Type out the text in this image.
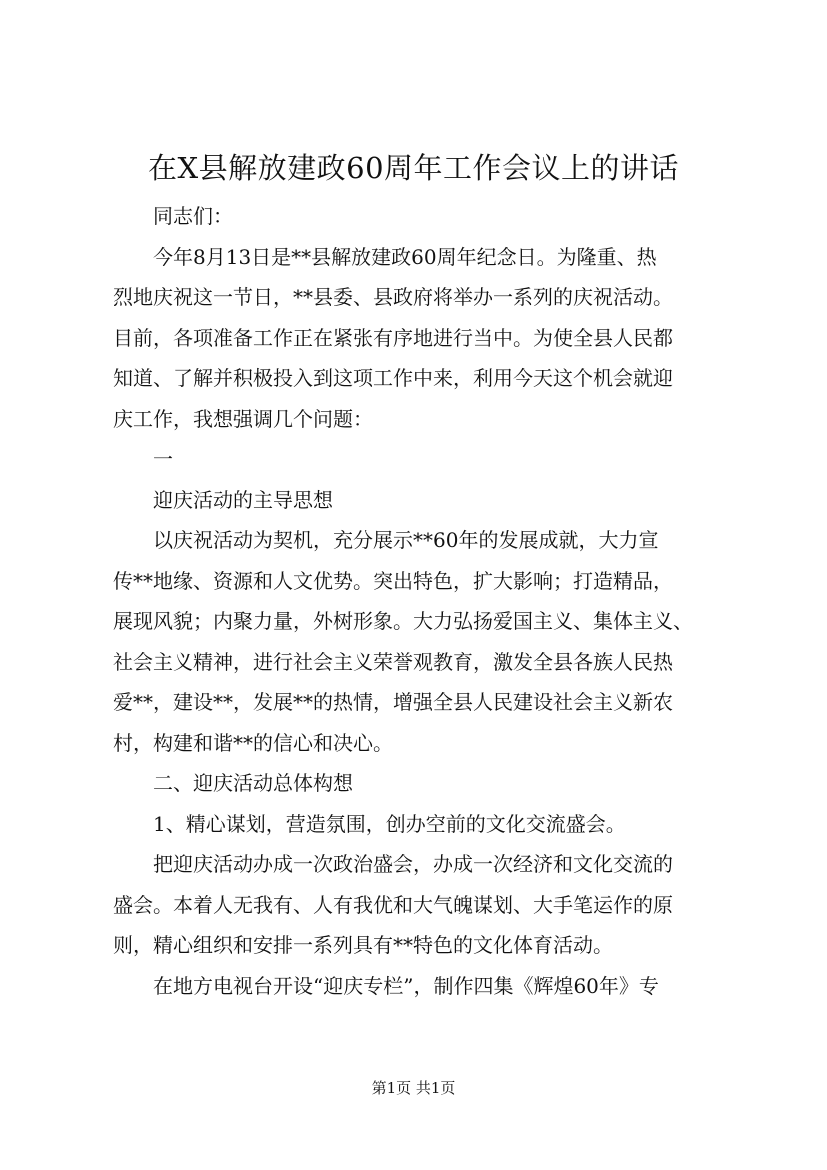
在X县解放建政60周年工作会议上的讲话
同志们：
今年8月13日是**县解放建政60周年纪念日。为隆重、热
烈地庆祝这一节日，**县委、县政府将举办一系列的庆祝活动。
目前，各项准备工作正在紧张有序地进行当中。为使全县人民都
知道、了解并积极投入到这项工作中来，利用今天这个机会就迎
庆工作，我想强调几个问题：
一
迎庆活动的主导思想
以庆祝活动为契机，充分展示**60年的发展成就，大力宣
传**地缘、资源和人文优势。突出特色，扩大影响；打造精品，
展现风貌；内聚力量，外树形象。大力弘扬爱国主义、集体主义、
社会主义精神，进行社会主义荣誉观教育，激发全县各族人民热
爱**，建设**，发展**的热情，增强全县人民建设社会主义新农
村，构建和谐**的信心和决心。
二、迎庆活动总体构想
1、精心谋划，营造氛围，创办空前的文化交流盛会。
把迎庆活动办成一次政治盛会，办成一次经济和文化交流的
盛会。本着人无我有、人有我优和大气魄谋划、大手笔运作的原
则，精心组织和安排一系列具有**特色的文化体育活动。
在地方电视台开设“迎庆专栏”，制作四集《辉煌60年》专
第1页 共1页
